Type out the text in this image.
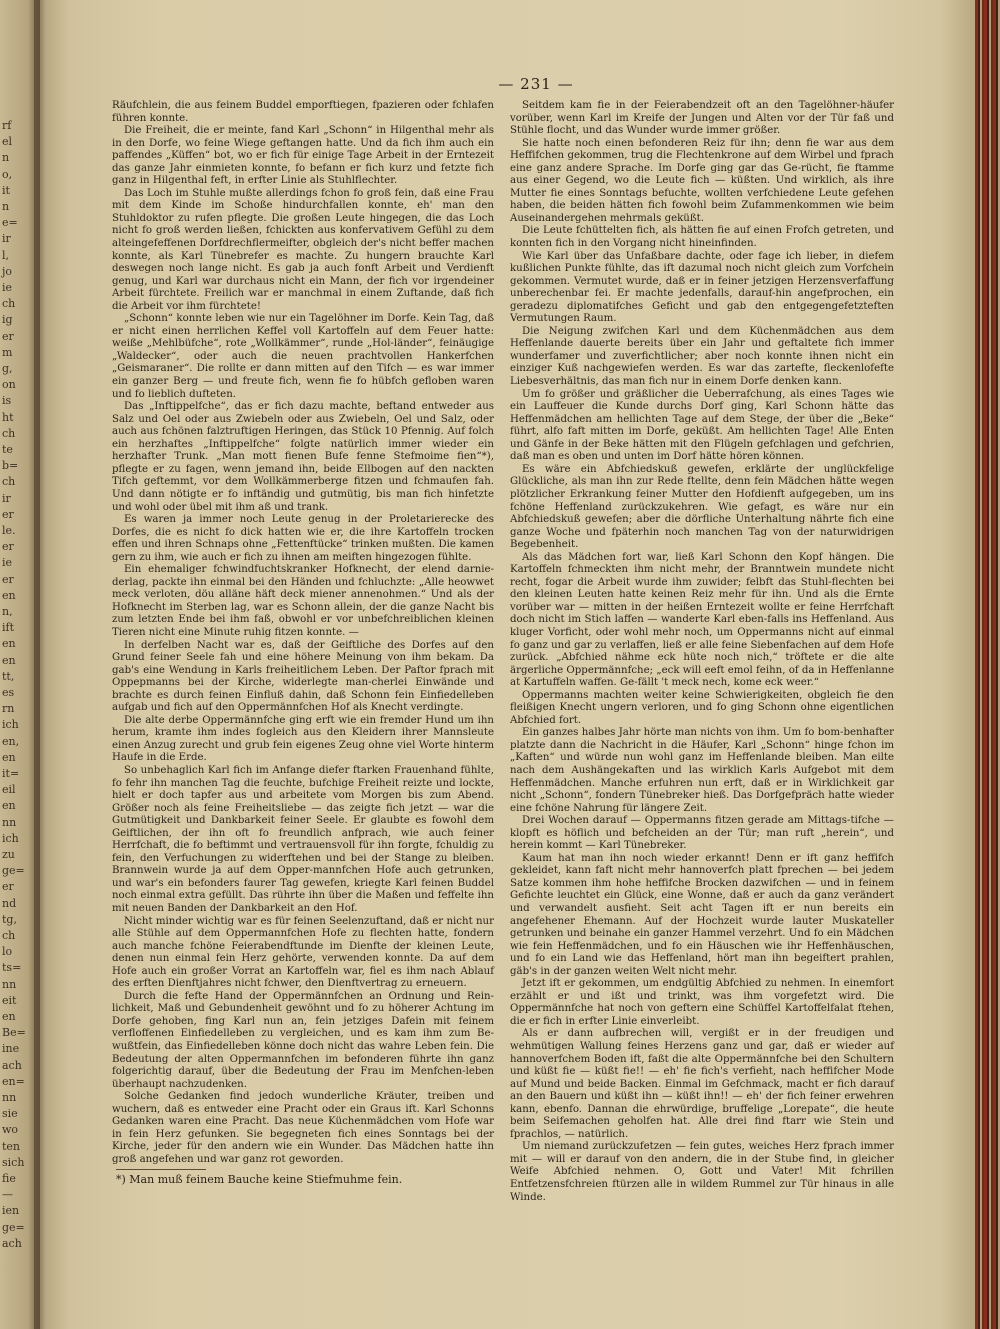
rf
el
n
o,
it
n
e=
ir
l,
jo
ie
ch
ig
er
m
g,
on
is
ht
ch
te
b=
ch
ir
er
le.
er
ie
er
en
n,
ift
en
en
tt,
es
rn
ich
en,
en
it=
eil
en
nn
ich
zu
ge=
er
nd
tg,
ch
lo
ts=
nn
eit
en
Be=
ine
ach
en=
nn
sie
wo
ten
sich
fie
—
ien
ge=
ach
— 231 —

Räufchlein, die aus feinem Buddel emporftiegen, fpazieren oder fchlafen führen konnte.

Die Freiheit, die er meinte, fand Karl „Schonn“ in Hilgenthal mehr als in den Dorfe, wo feine Wiege geftangen hatte. Und da fich ihm auch ein paffendes „Küffen“ bot, wo er fich für einige Tage Arbeit in der Erntezeit das ganze Jahr einmieten konnte, fo befann er fich kurz und fetzte fich ganz in Hilgenthal feft, in erfter Linie als Stuhlflechter.

Das Loch im Stuhle mußte allerdings fchon fo groß fein, daß eine Frau mit dem Kinde im Schoße hindurchfallen konnte, eh' man den Stuhldoktor zu rufen pflegte. Die großen Leute hingegen, die das Loch nicht fo groß werden ließen, fchickten aus konfervativem Gefühl zu dem alteingefeffenen Dorfdrechflermeifter, obgleich der's nicht beffer machen konnte, als Karl Tünebrefer es machte. Zu hungern brauchte Karl deswegen noch lange nicht. Es gab ja auch fonft Arbeit und Verdienft genug, und Karl war durchaus nicht ein Mann, der fich vor irgendeiner Arbeit fürchtete. Freilich war er manchmal in einem Zuftande, daß fich die Arbeit vor ihm fürchtete!

„Schonn“ konnte leben wie nur ein Tagelöhner im Dorfe. Kein Tag, daß er nicht einen herrlichen Keffel voll Kartoffeln auf dem Feuer hatte: weiße „Mehlbüfche“, rote „Wollkämmer“, runde „Hol-länder“, feinäugige „Waldecker“, oder auch die neuen prachtvollen Hankerfchen „Geismaraner“. Die rollte er dann mitten auf den Tifch — es war immer ein ganzer Berg — und freute fich, wenn fie fo hübfch gefloben waren und fo lieblich dufteten.

Das „Inftippelfche“, das er fich dazu machte, beftand entweder aus Salz und Oel oder aus Zwiebeln oder aus Zwiebeln, Oel und Salz, oder auch aus fchönen falztruftigen Heringen, das Stück 10 Pfennig. Auf folch ein herzhaftes „Inftippelfche“ folgte natürlich immer wieder ein herzhafter Trunk. „Man mott fienen Bufe fenne Stefmoime fien“*), pflegte er zu fagen, wenn jemand ihn, beide Ellbogen auf den nackten Tifch geftemmt, vor dem Wollkämmerberge fitzen und fchmaufen fah. Und dann nötigte er fo inftändig und gutmütig, bis man fich hinfetzte und wohl oder übel mit ihm aß und trank.

Es waren ja immer noch Leute genug in der Proletarierecke des Dorfes, die es nicht fo dick hatten wie er, die ihre Kartoffeln trocken effen und ihren Schnaps ohne „Fettenftücke“ trinken mußten. Die kamen gern zu ihm, wie auch er fich zu ihnen am meiften hingezogen fühlte.

Ein ehemaliger fchwindfuchtskranker Hofknecht, der elend darnie-derlag, packte ihn einmal bei den Händen und fchluchzte: „Alle heowwet meck verloten, döu alläne häft deck miener annenohmen.“ Und als der Hofknecht im Sterben lag, war es Schonn allein, der die ganze Nacht bis zum letzten Ende bei ihm faß, obwohl er vor unbefchreiblichen kleinen Tieren nicht eine Minute ruhig fitzen konnte. —

In derfelben Nacht war es, daß der Geiftliche des Dorfes auf den Grund feiner Seele fah und eine höhere Meinung von ihm bekam. Da gab's eine Wendung in Karls freiheitlichem Leben. Der Paftor fprach mit Oppepmanns bei der Kirche, widerlegte man-cherlei Einwände und brachte es durch feinen Einfluß dahin, daß Schonn fein Einfiedelleben aufgab und fich auf den Oppermännfchen Hof als Knecht verdingte.

Die alte derbe Oppermännfche ging erft wie ein fremder Hund um ihn herum, kramte ihm indes fogleich aus den Kleidern ihrer Mannsleute einen Anzug zurecht und grub fein eigenes Zeug ohne viel Worte hinterm Haufe in die Erde.

So unbehaglich Karl fich im Anfange diefer ftarken Frauenhand fühlte, fo fehr ihn manchen Tag die feuchte, bufchige Freiheit reizte und lockte, hielt er doch tapfer aus und arbeitete vom Morgen bis zum Abend. Größer noch als feine Freiheitsliebe — das zeigte fich jetzt — war die Gutmütigkeit und Dankbarkeit feiner Seele. Er glaubte es fowohl dem Geiftlichen, der ihn oft fo freundlich anfprach, wie auch feiner Herrfchaft, die fo beftimmt und vertrauensvoll für ihn forgte, fchuldig zu fein, den Verfuchungen zu widerftehen und bei der Stange zu bleiben. Brannwein wurde ja auf dem Opper-mannfchen Hofe auch getrunken, und war's ein befonders faurer Tag gewefen, kriegte Karl feinen Buddel noch einmal extra gefüllt. Das rührte ihn über die Maßen und feffelte ihn mit neuen Banden der Dankbarkeit an den Hof.

Nicht minder wichtig war es für feinen Seelenzuftand, daß er nicht nur alle Stühle auf dem Oppermannfchen Hofe zu flechten hatte, fondern auch manche fchöne Feierabendftunde im Dienfte der kleinen Leute, denen nun einmal fein Herz gehörte, verwenden konnte. Da auf dem Hofe auch ein großer Vorrat an Kartoffeln war, fiel es ihm nach Ablauf des erften Dienftjahres nicht fchwer, den Dienftvertrag zu erneuern.

Durch die fefte Hand der Oppermännfchen an Ordnung und Rein-lichkeit, Maß und Gebundenheit gewöhnt und fo zu höherer Achtung im Dorfe gehoben, fing Karl nun an, fein jetziges Dafein mit feinem verfloffenen Einfiedelleben zu vergleichen, und es kam ihm zum Be-wußtfein, das Einfiedelleben könne doch nicht das wahre Leben fein. Die Bedeutung der alten Oppermannfchen im befonderen führte ihn ganz folgerichtig darauf, über die Bedeutung der Frau im Menfchen-leben überhaupt nachzudenken.

Solche Gedanken find jedoch wunderliche Kräuter, treiben und wuchern, daß es entweder eine Pracht oder ein Graus ift. Karl Schonns Gedanken waren eine Pracht. Das neue Küchenmädchen vom Hofe war in fein Herz gefunken. Sie begegneten fich eines Sonntags bei der Kirche, jeder für den andern wie ein Wunder. Das Mädchen hatte ihn groß angefehen und war ganz rot geworden.

*) Man muß feinem Bauche keine Stiefmuhme fein.

Seitdem kam fie in der Feierabendzeit oft an den Tagelöhner-häufer vorüber, wenn Karl im Kreife der Jungen und Alten vor der Tür faß und Stühle flocht, und das Wunder wurde immer größer.

Sie hatte noch einen befonderen Reiz für ihn; denn fie war aus dem Heffifchen gekommen, trug die Flechtenkrone auf dem Wirbel und fprach eine ganz andere Sprache. Im Dorfe ging gar das Ge-rücht, fie ftamme aus einer Gegend, wo die Leute fich — küßten. Und wirklich, als ihre Mutter fie eines Sonntags befuchte, wollten verfchiedene Leute gefehen haben, die beiden hätten fich fowohl beim Zufammenkommen wie beim Auseinandergehen mehrmals geküßt.

Die Leute fchüttelten fich, als hätten fie auf einen Frofch getreten, und konnten fich in den Vorgang nicht hineinfinden.

Wie Karl über das Unfaßbare dachte, oder fage ich lieber, in diefem kußlichen Punkte fühlte, das ift dazumal noch nicht gleich zum Vorfchein gekommen. Vermutet wurde, daß er in feiner jetzigen Herzensverfaffung unberechenbar fei. Er machte jedenfalls, darauf-hin angefprochen, ein geradezu diplomatifches Geficht und gab den entgegengefetzteften Vermutungen Raum.

Die Neigung zwifchen Karl und dem Küchenmädchen aus dem Heffenlande dauerte bereits über ein Jahr und geftaltete fich immer wunderfamer und zuverfichtlicher; aber noch konnte ihnen nicht ein einziger Kuß nachgewiefen werden. Es war das zartefte, fleckenlofefte Liebesverhältnis, das man fich nur in einem Dorfe denken kann.

Um fo größer und gräßlicher die Ueberrafchung, als eines Tages wie ein Lauffeuer die Kunde durchs Dorf ging, Karl Schonn hätte das Heffenmädchen am hellichten Tage auf dem Stege, der über die „Beke“ führt, alfo faft mitten im Dorfe, geküßt. Am hellichten Tage! Alle Enten und Gänfe in der Beke hätten mit den Flügeln gefchlagen und gefchrien, daß man es oben und unten im Dorf hätte hören können.

Es wäre ein Abfchiedskuß gewefen, erklärte der unglückfelige Glückliche, als man ihn zur Rede ftellte, denn fein Mädchen hätte wegen plötzlicher Erkrankung feiner Mutter den Hofdienft aufgegeben, um ins fchöne Heffenland zurückzukehren. Wie gefagt, es wäre nur ein Abfchiedskuß gewefen; aber die dörfliche Unterhaltung nährte fich eine ganze Woche und fpäterhin noch manchen Tag von der naturwidrigen Begebenheit.

Als das Mädchen fort war, ließ Karl Schonn den Kopf hängen. Die Kartoffeln fchmeckten ihm nicht mehr, der Branntwein mundete nicht recht, fogar die Arbeit wurde ihm zuwider; felbft das Stuhl-flechten bei den kleinen Leuten hatte keinen Reiz mehr für ihn. Und als die Ernte vorüber war — mitten in der heißen Erntezeit wollte er feine Herrfchaft doch nicht im Stich laffen — wanderte Karl eben-falls ins Heffenland. Aus kluger Vorficht, oder wohl mehr noch, um Oppermanns nicht auf einmal fo ganz und gar zu verlaffen, ließ er alle feine Siebenfachen auf dem Hofe zurück. „Abfchied nähme eck hüte noch nich,“ tröftete er die alte ärgerliche Oppermännfche; „eck will eeft emol feihn, of da in Heffenlanne at Kartuffeln waffen. Ge-fällt 't meck nech, kome eck weer.“

Oppermanns machten weiter keine Schwierigkeiten, obgleich fie den fleißigen Knecht ungern verloren, und fo ging Schonn ohne eigentlichen Abfchied fort.

Ein ganzes halbes Jahr hörte man nichts von ihm. Um fo bom-benhafter platzte dann die Nachricht in die Häufer, Karl „Schonn“ hinge fchon im „Kaften“ und würde nun wohl ganz im Heffenlande bleiben. Man eilte nach dem Aushängekaften und las wirklich Karls Aufgebot mit dem Heffenmädchen. Manche erfuhren nun erft, daß er in Wirklichkeit gar nicht „Schonn“, fondern Tünebreker hieß. Das Dorfgefpräch hatte wieder eine fchöne Nahrung für längere Zeit.

Drei Wochen darauf — Oppermanns fitzen gerade am Mittags-tifche — klopft es höflich und befcheiden an der Tür; man ruft „herein“, und herein kommt — Karl Tünebreker.

Kaum hat man ihn noch wieder erkannt! Denn er ift ganz heffifch gekleidet, kann faft nicht mehr hannoverfch platt fprechen — bei jedem Satze kommen ihm hohe heffifche Brocken dazwifchen — und in feinem Gefichte leuchtet ein Glück, eine Wonne, daß er auch da ganz verändert und verwandelt ausfieht. Seit acht Tagen ift er nun bereits ein angefehener Ehemann. Auf der Hochzeit wurde lauter Muskateller getrunken und beinahe ein ganzer Hammel verzehrt. Und fo ein Mädchen wie fein Heffenmädchen, und fo ein Häuschen wie ihr Heffenhäuschen, und fo ein Land wie das Heffenland, hört man ihn begeiftert prahlen, gäb's in der ganzen weiten Welt nicht mehr.

Jetzt ift er gekommen, um endgültig Abfchied zu nehmen. In einemfort erzählt er und ißt und trinkt, was ihm vorgefetzt wird. Die Oppermännfche hat noch von geftern eine Schüffel Kartoffelfalat ftehen, die er fich in erfter Linie einverleibt.

Als er dann aufbrechen will, vergißt er in der freudigen und wehmütigen Wallung feines Herzens ganz und gar, daß er wieder auf hannoverfchem Boden ift, faßt die alte Oppermännfche bei den Schultern und küßt fie — küßt fie!! — eh' fie fich's verfieht, nach heffifcher Mode auf Mund und beide Backen. Einmal im Gefchmack, macht er fich darauf an den Bauern und küßt ihn — küßt ihn!! — eh' der fich feiner erwehren kann, ebenfo. Dannan die ehrwürdige, bruffelige „Lorepate“, die heute beim Seifemachen geholfen hat. Alle drei find ftarr wie Stein und fprachlos, — natürlich.

Um niemand zurückzufetzen — fein gutes, weiches Herz fprach immer mit — will er darauf von den andern, die in der Stube find, in gleicher Weife Abfchied nehmen. O, Gott und Vater! Mit fchrillen Entfetzensfchreien ftürzen alle in wildem Rummel zur Tür hinaus in alle Winde.
